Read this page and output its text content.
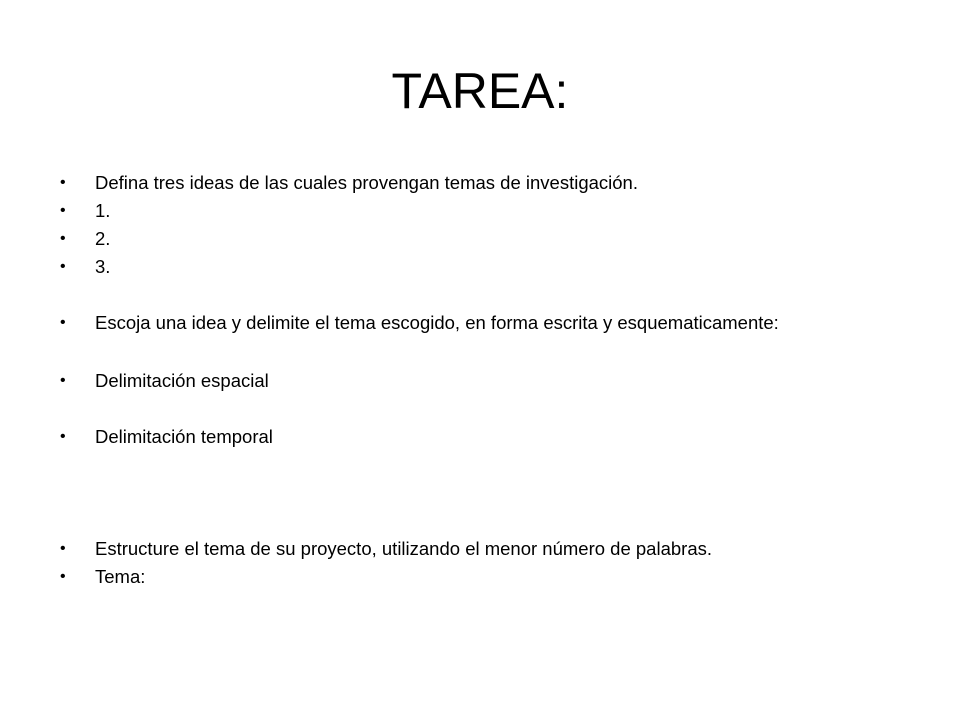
TAREA:
•	Defina tres ideas de las cuales provengan temas de investigación.
•	1.
•	2.
•	3.
•	Escoja una idea y delimite el tema escogido, en forma escrita y esquematicamente:
•	Delimitación espacial
•	Delimitación temporal
•	Estructure el tema de su proyecto, utilizando el menor número de palabras.
•	Tema:
